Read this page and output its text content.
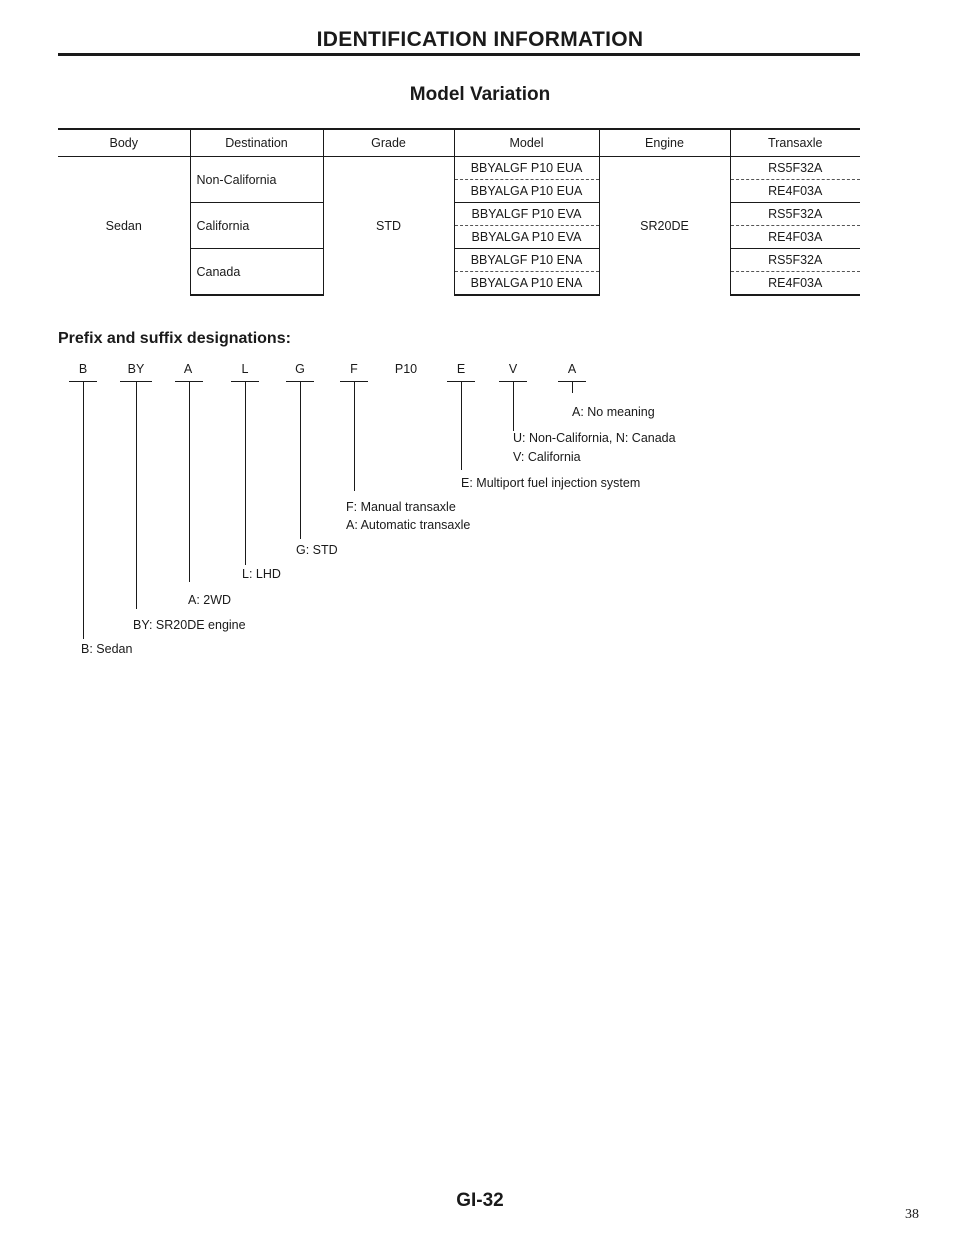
IDENTIFICATION INFORMATION
Model Variation
Body	Destination	Grade	Model	Engine	Transaxle
Sedan	Non-California	STD	BBYALGF P10 EUA	SR20DE	RS5F32A
			BBYALGA P10 EUA		RE4F03A
	California		BBYALGF P10 EVA		RS5F32A
			BBYALGA P10 EVA		RE4F03A
	Canada		BBYALGF P10 ENA		RS5F32A
			BBYALGA P10 ENA		RE4F03A
Prefix and suffix designations:
B	BY	A	L	G	F	P10	E	V	A
A: No meaning
U: Non-California, N: Canada
V: California
E: Multiport fuel injection system
F: Manual transaxle
A: Automatic transaxle
G: STD
L: LHD
A: 2WD
BY: SR20DE engine
B: Sedan
GI-32
38
